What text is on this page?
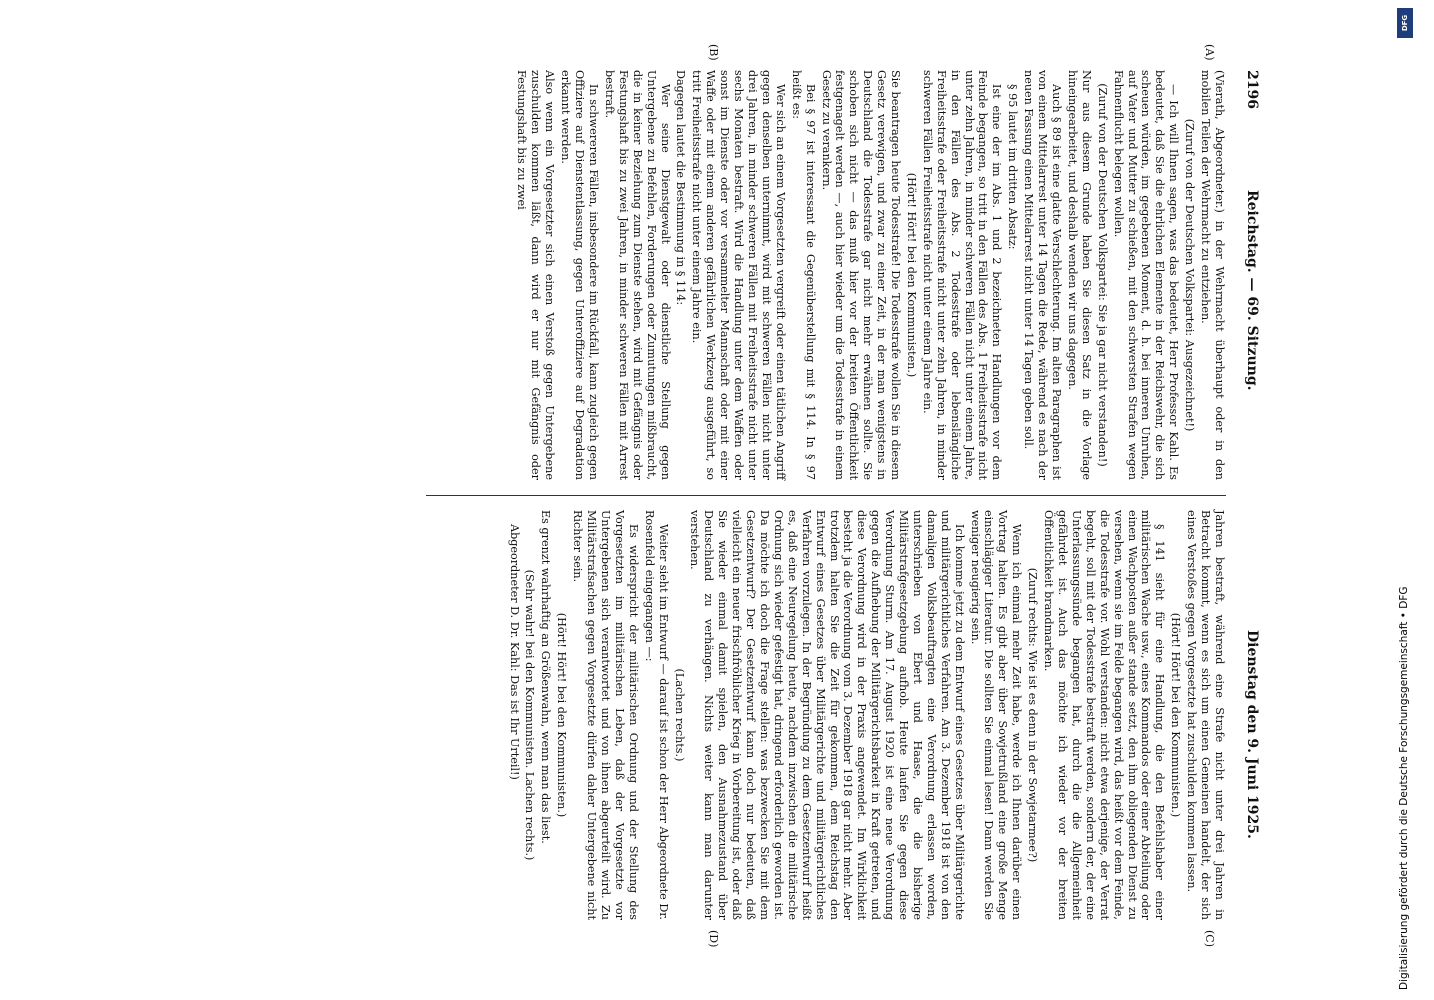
2196
Reichstag. — 69. Sitzung.
Dienstag den 9. Juni 1925.
(A)
(B)

(Vierath, Abgeordneter.) in der Wehrmacht überhaupt oder in den mobilen Teilen der Wehrmacht zu entziehen.

(Zuruf von der Deutschen Volkspartei: Ausgezeichnet!)

— Ich will Ihnen sagen, was das bedeutet, Herr Professor Kahl. Es bedeutet, daß Sie die ehrlichen Elemente in der Reichswehr, die sich scheuen würden, im gegebenen Moment, d. h. bei inneren Unruhen, auf Vater und Mutter zu schießen, mit den schwersten Strafen wegen Fahnenflucht belegen wollen.

(Zuruf von der Deutschen Volkspartei: Sie ja gar nicht verstanden!)

Nur aus diesem Grunde haben Sie diesen Satz in die Vorlage hineingearbeitet, und deshalb wenden wir uns dagegen.

Auch § 89 ist eine glatte Verschlechterung. Im alten Paragraphen ist von einem Mittelarrest unter 14 Tagen die Rede, während es nach der neuen Fassung einen Mittelarrest nicht unter 14 Tagen geben soll.

§ 95 lautet im dritten Absatz:

Ist eine der im Abs. 1 und 2 bezeichneten Handlungen vor dem Feinde begangen, so tritt in den Fällen des Abs. 1 Freiheitsstrafe nicht unter zehn Jahren, in minder schweren Fällen nicht unter einem Jahre, in den Fällen des Abs. 2 Todesstrafe oder lebenslängliche Freiheitsstrafe oder Freiheitsstrafe nicht unter zehn Jahren, in minder schweren Fällen Freiheitsstrafe nicht unter einem Jahre ein.

(Hört! Hört! bei den Kommunisten.)

Sie beantragen heute Todesstrafe! Die Todesstrafe wollen Sie in diesem Gesetz verewigen, und zwar zu einer Zeit, in der man wenigstens in Deutschland die Todesstrafe gar nicht mehr erwähnen sollte. Sie schoben sich nicht — das muß hier vor der breiten Öffentlichkeit festgenagelt werden —, auch hier wieder um die Todesstrafe in einem Gesetz zu verankern.

Bei § 97 ist interessant die Gegenüberstellung mit § 114. In § 97 heißt es:

Wer sich an einem Vorgesetzten vergreift oder einen tätlichen Angriff gegen denselben unternimmt, wird mit schweren Fällen nicht unter drei Jahren, in minder schweren Fällen mit Freiheitsstrafe nicht unter sechs Monaten bestraft. Wird die Handlung unter dem Waffen oder sonst im Dienste oder vor versammelter Mannschaft oder mit einer Waffe oder mit einem anderen gefährlichen Werkzeug ausgeführt, so tritt Freiheitsstrafe nicht unter einem Jahre ein.

Dagegen lautet die Bestimmung in § 114:

Wer seine Dienstgewalt oder dienstliche Stellung gegen Untergebene zu Befehlen, Forderungen oder Zumutungen mißbraucht, die in keiner Beziehung zum Dienste stehen, wird mit Gefängnis oder Festungshaft bis zu zwei Jahren, in minder schweren Fällen mit Arrest bestraft.

In schwereren Fällen, insbesondere im Rückfall, kann zugleich gegen Offiziere auf Dienstentlassung, gegen Unteroffiziere auf Degradation erkannt werden.

Also wenn ein Vorgesetzter sich einen Verstoß gegen Untergebene zuschulden kommen läßt, dann wird er nur mit Gefängnis oder Festungshaft bis zu zwei

(C)
(D)

Jahren bestraft, während eine Strafe nicht unter drei Jahren in Betracht kommt, wenn es sich um einen Gemeinen handelt, der sich eines Verstoßes gegen Vorgesetzte hat zuschulden kommen lassen.

(Hört! Hört! bei den Kommunisten.)

§ 141 sieht für eine Handlung, die den Befehlshaber einer militärischen Wache usw., eines Kommandos oder einer Abteilung oder einen Wachposten außer stande setzt, den ihm obliegenden Dienst zu versehen, wenn sie im Felde begangen wird, das heißt vor dem Feinde, die Todesstrafe vor. Wohl verstanden: nicht etwa derjenige, der Verrat begeht, soll mit der Todesstrafe bestraft werden, sondern der, der eine Unterlassungssünde begangen hat, durch die die Allgemeinheit gefährdet ist. Auch das möchte ich wieder vor der breiten Öffentlichkeit brandmarken.

(Zuruf rechts: Wie ist es denn in der Sowjetarmee?)

Wenn ich einmal mehr Zeit habe, werde ich Ihnen darüber einen Vortrag halten. Es gibt aber über Sowjetrußland eine große Menge einschlägiger Literatur. Die sollten Sie einmal lesen! Dann werden Sie weniger neugierig sein.

Ich komme jetzt zu dem Entwurf eines Gesetzes über Militärgerichte und militärgerichtliches Verfahren. Am 3. Dezember 1918 ist von den damaligen Volksbeauftragten eine Verordnung erlassen worden, unterschrieben von Ebert und Haase, die die bisherige Militärstrafgesetzgebung aufhob. Heute laufen Sie gegen diese Verordnung Sturm. Am 17. August 1920 ist eine neue Verordnung gegen die Aufhebung der Militärgerichtsbarkeit in Kraft getreten, und diese Verordnung wird in der Praxis angewendet. Im Wirklichkeit besteht ja die Verordnung vom 3. Dezember 1918 gar nicht mehr. Aber trotzdem halten Sie die Zeit für gekommen, dem Reichstag den Entwurf eines Gesetzes über Militärgerichte und militärgerichtliches Verfahren vorzulegen. In der Begründung zu dem Gesetzentwurf heißt es, daß eine Neuregelung heute, nachdem inzwischen die militärische Ordnung sich wieder gefestigt hat, dringend erforderlich geworden ist. Da möchte ich doch die Frage stellen: was bezwecken Sie mit dem Gesetzentwurf? Der Gesetzentwurf kann doch nur bedeuten, daß vielleicht ein neuer frischfröhlicher Krieg in Vorbereitung ist, oder daß Sie wieder einmal damit spielen, den Ausnahmezustand über Deutschland zu verhängen. Nichts weiter kann man darunter verstehen.

(Lachen rechts.)

Weiter sieht im Entwurf — darauf ist schon der Herr Abgeordnete Dr. Rosenfeld eingegangen —:

Es widerspricht der militärischen Ordnung und der Stellung des Vorgesetzten im militärischen Leben, daß der Vorgesetzte vor Untergebenen sich verantwortet und von ihnen abgeurteilt wird. Zu Militärstrafsachen gegen Vorgesetzte dürfen daher Untergebene nicht Richter sein.

(Hört! Hört! bei den Kommunisten.)

Es grenzt wahrhaftig an Größenwahn, wenn man das liest.

(Sehr wahr! bei den Kommunisten. Lachen rechts.)

Abgeordneter D. Dr. Kahl: Das ist Ihr Urteil!)

DFG
Digitalisierung gefördert durch die Deutsche Forschungsgemeinschaft • DFG
